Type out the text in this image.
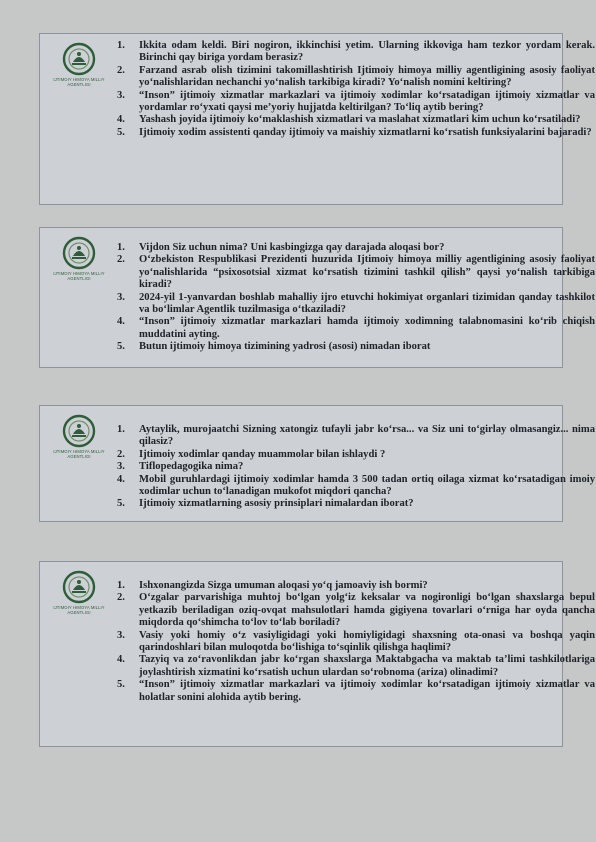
IJTIMOIY HIMOYA MILLIY AGENTLIGI
1. Ikkita odam keldi. Biri nogiron, ikkinchisi yetim. Ularning ikkoviga ham tezkor yordam kerak. Birinchi qay biriga yordam berasiz?
2. Farzand asrab olish tizimini takomillashtirish Ijtimoiy himoya milliy agentligining asosiy faoliyat yo‘nalishlaridan nechanchi yo‘nalish tarkibiga kiradi? Yo‘nalish nomini keltiring?
3. “Inson” ijtimoiy xizmatlar markazlari va ijtimoiy xodimlar ko‘rsatadigan ijtimoiy xizmatlar va yordamlar ro‘yxati qaysi me’yoriy hujjatda keltirilgan? To‘liq aytib bering?
4. Yashash joyida ijtimoiy ko‘maklashish xizmatlari va maslahat xizmatlari kim uchun ko‘rsatiladi?
5. Ijtimoiy xodim assistenti qanday ijtimoiy va maishiy xizmatlarni ko‘rsatish funksiyalarini bajaradi?
IJTIMOIY HIMOYA MILLIY AGENTLIGI
1. Vijdon Siz uchun nima? Uni kasbingizga qay darajada aloqasi bor?
2. O‘zbekiston Respublikasi Prezidenti huzurida Ijtimoiy himoya milliy agentligining asosiy faoliyat yo‘nalishlarida “psixosotsial xizmat ko‘rsatish tizimini tashkil qilish” qaysi yo‘nalish tarkibiga kiradi?
3. 2024-yil 1-yanvardan boshlab mahalliy ijro etuvchi hokimiyat organlari tizimidan qanday tashkilot va bo‘limlar Agentlik tuzilmasiga o‘tkaziladi?
4. “Inson” ijtimoiy xizmatlar markazlari hamda ijtimoiy xodimning talabnomasini ko‘rib chiqish muddatini ayting.
5. Butun ijtimoiy himoya tizimining yadrosi (asosi) nimadan iborat
IJTIMOIY HIMOYA MILLIY AGENTLIGI
1. Aytaylik, murojaatchi Sizning xatongiz tufayli jabr ko‘rsa... va Siz uni to‘girlay olmasangiz... nima qilasiz?
2. Ijtimoiy xodimlar qanday muammolar bilan ishlaydi ?
3. Tiflopedagogika nima?
4. Mobil guruhlardagi ijtimoiy xodimlar hamda 3 500 tadan ortiq oilaga xizmat ko‘rsatadigan imoiy xodimlar uchun to‘lanadigan mukofot miqdori qancha?
5. Ijtimoiy xizmatlarning asosiy prinsiplari nimalardan iborat?
IJTIMOIY HIMOYA MILLIY AGENTLIGI
1. Ishxonangizda Sizga umuman aloqasi yo‘q jamoaviy ish bormi?
2. O‘zgalar parvarishiga muhtoj bo‘lgan yolg‘iz keksalar va nogironligi bo‘lgan shaxslarga bepul yetkazib beriladigan oziq-ovqat mahsulotlari hamda gigiyena tovarlari o‘rniga har oyda qancha miqdorda qo‘shimcha to‘lov to‘lab boriladi?
3. Vasiy yoki homiy o‘z vasiyligidagi yoki homiyligidagi shaxsning ota-onasi va boshqa yaqin qarindoshlari bilan muloqotda bo‘lishiga to‘sqinlik qilishga haqlimi?
4. Tazyiq va zo‘ravonlikdan jabr ko‘rgan shaxslarga Maktabgacha va maktab ta’limi tashkilotlariga joylashtirish xizmatini ko‘rsatish uchun ulardan so‘robnoma (ariza) olinadimi?
5. “Inson” ijtimoiy xizmatlar markazlari va ijtimoiy xodimlar ko‘rsatadigan ijtimoiy xizmatlar va holatlar sonini alohida aytib bering.
